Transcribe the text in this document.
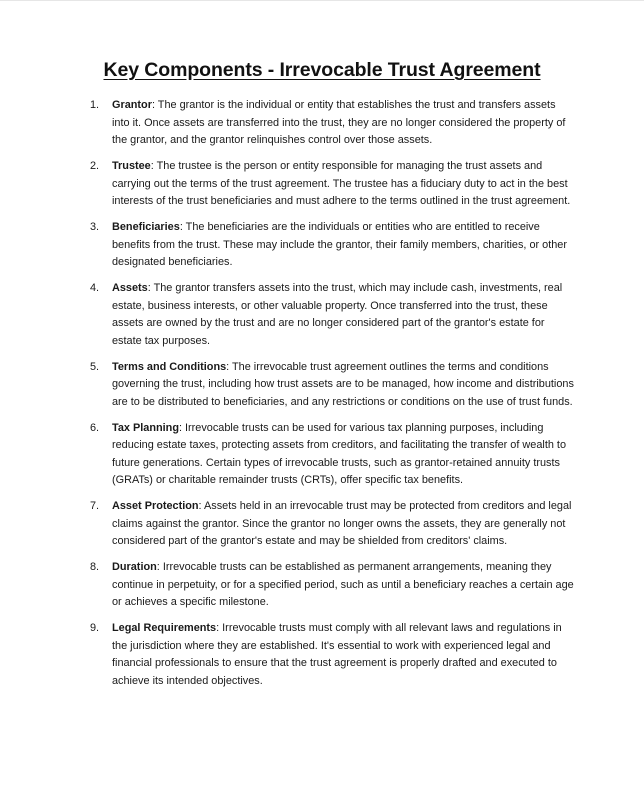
Key Components - Irrevocable Trust Agreement
1. Grantor: The grantor is the individual or entity that establishes the trust and transfers assets into it. Once assets are transferred into the trust, they are no longer considered the property of the grantor, and the grantor relinquishes control over those assets.
2. Trustee: The trustee is the person or entity responsible for managing the trust assets and carrying out the terms of the trust agreement. The trustee has a fiduciary duty to act in the best interests of the trust beneficiaries and must adhere to the terms outlined in the trust agreement.
3. Beneficiaries: The beneficiaries are the individuals or entities who are entitled to receive benefits from the trust. These may include the grantor, their family members, charities, or other designated beneficiaries.
4. Assets: The grantor transfers assets into the trust, which may include cash, investments, real estate, business interests, or other valuable property. Once transferred into the trust, these assets are owned by the trust and are no longer considered part of the grantor's estate for estate tax purposes.
5. Terms and Conditions: The irrevocable trust agreement outlines the terms and conditions governing the trust, including how trust assets are to be managed, how income and distributions are to be distributed to beneficiaries, and any restrictions or conditions on the use of trust funds.
6. Tax Planning: Irrevocable trusts can be used for various tax planning purposes, including reducing estate taxes, protecting assets from creditors, and facilitating the transfer of wealth to future generations. Certain types of irrevocable trusts, such as grantor-retained annuity trusts (GRATs) or charitable remainder trusts (CRTs), offer specific tax benefits.
7. Asset Protection: Assets held in an irrevocable trust may be protected from creditors and legal claims against the grantor. Since the grantor no longer owns the assets, they are generally not considered part of the grantor's estate and may be shielded from creditors' claims.
8. Duration: Irrevocable trusts can be established as permanent arrangements, meaning they continue in perpetuity, or for a specified period, such as until a beneficiary reaches a certain age or achieves a specific milestone.
9. Legal Requirements: Irrevocable trusts must comply with all relevant laws and regulations in the jurisdiction where they are established. It's essential to work with experienced legal and financial professionals to ensure that the trust agreement is properly drafted and executed to achieve its intended objectives.
